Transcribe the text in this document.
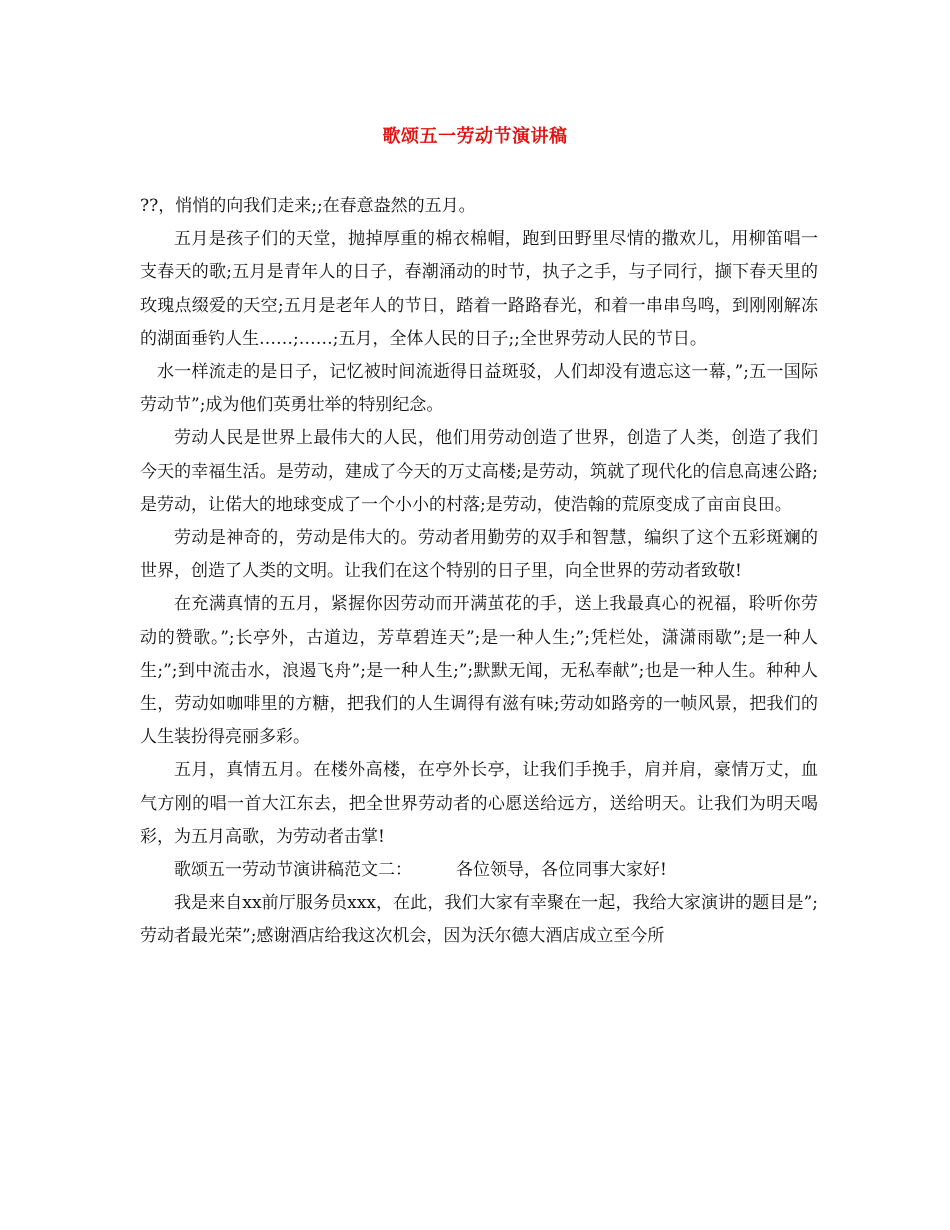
歌颂五一劳动节演讲稿

??，悄悄的向我们走来;;在春意盎然的五月。

五月是孩子们的天堂，抛掉厚重的棉衣棉帽，跑到田野里尽情的撒欢儿，用柳笛唱一支春天的歌;五月是青年人的日子，春潮涌动的时节，执子之手，与子同行，撷下春天里的玫瑰点缀爱的天空;五月是老年人的节日，踏着一路路春光，和着一串串鸟鸣，到刚刚解冻的湖面垂钓人生……;……;五月，全体人民的日子;;全世界劳动人民的节日。

水一样流走的是日子，记忆被时间流逝得日益斑驳，人们却没有遗忘这一幕，”;五一国际劳动节”;成为他们英勇壮举的特别纪念。

劳动人民是世界上最伟大的人民，他们用劳动创造了世界，创造了人类，创造了我们今天的幸福生活。是劳动，建成了今天的万丈高楼;是劳动，筑就了现代化的信息高速公路;是劳动，让偌大的地球变成了一个小小的村落;是劳动，使浩翰的荒原变成了亩亩良田。

劳动是神奇的，劳动是伟大的。劳动者用勤劳的双手和智慧，编织了这个五彩斑斓的世界，创造了人类的文明。让我们在这个特别的日子里，向全世界的劳动者致敬!

在充满真情的五月，紧握你因劳动而开满茧花的手，送上我最真心的祝福，聆听你劳动的赞歌。”;长亭外，古道边，芳草碧连天”;是一种人生;”;凭栏处，潇潇雨歇”;是一种人生;”;到中流击水，浪遏飞舟”;是一种人生;”;默默无闻，无私奉献”;也是一种人生。种种人生，劳动如咖啡里的方糖，把我们的人生调得有滋有味;劳动如路旁的一帧风景，把我们的人生装扮得亮丽多彩。

五月，真情五月。在楼外高楼，在亭外长亭，让我们手挽手，肩并肩，豪情万丈，血气方刚的唱一首大江东去，把全世界劳动者的心愿送给远方，送给明天。让我们为明天喝彩，为五月高歌，为劳动者击掌!

歌颂五一劳动节演讲稿范文二：	各位领导，各位同事大家好!

我是来自xx前厅服务员xxx，在此，我们大家有幸聚在一起，我给大家演讲的题目是”;劳动者最光荣”;感谢酒店给我这次机会，因为沃尔德大酒店成立至今所
